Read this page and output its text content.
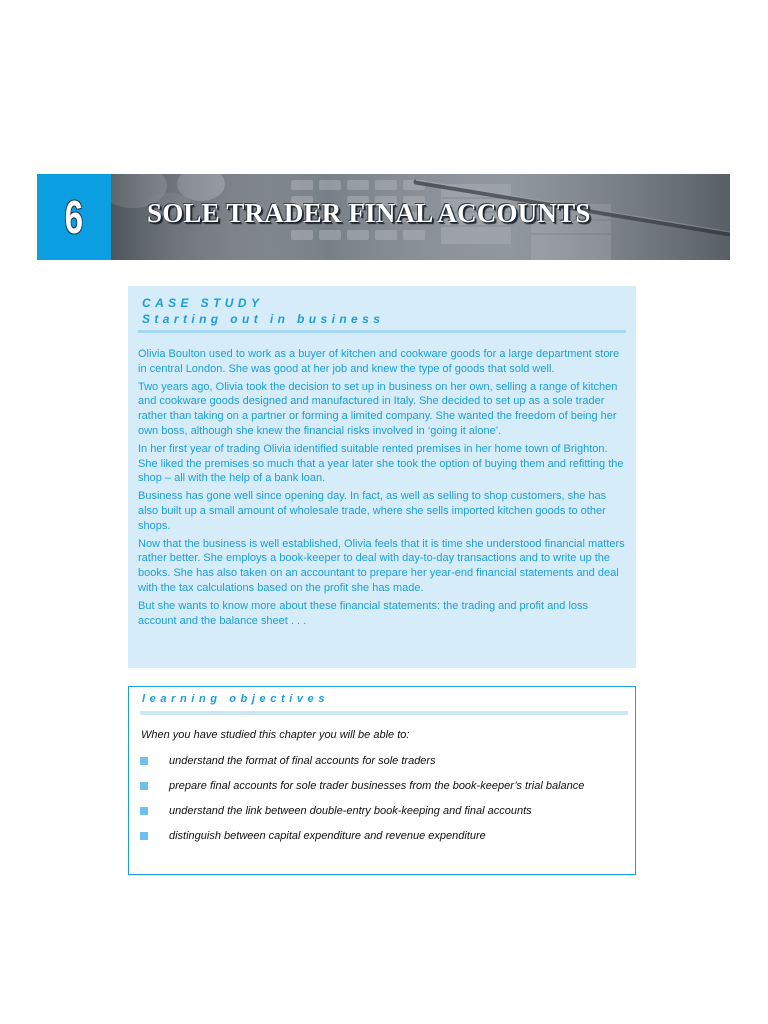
6 SOLE TRADER FINAL ACCOUNTS
CASE STUDY
Starting out in business

Olivia Boulton used to work as a buyer of kitchen and cookware goods for a large department store in central London. She was good at her job and knew the type of goods that sold well.

Two years ago, Olivia took the decision to set up in business on her own, selling a range of kitchen and cookware goods designed and manufactured in Italy. She decided to set up as a sole trader rather than taking on a partner or forming a limited company. She wanted the freedom of being her own boss, although she knew the financial risks involved in ‘going it alone’.

In her first year of trading Olivia identified suitable rented premises in her home town of Brighton. She liked the premises so much that a year later she took the option of buying them and refitting the shop – all with the help of a bank loan.

Business has gone well since opening day. In fact, as well as selling to shop customers, she has also built up a small amount of wholesale trade, where she sells imported kitchen goods to other shops.

Now that the business is well established, Olivia feels that it is time she understood financial matters rather better. She employs a book-keeper to deal with day-to-day transactions and to write up the books. She has also taken on an accountant to prepare her year-end financial statements and deal with the tax calculations based on the profit she has made.

But she wants to know more about these financial statements: the trading and profit and loss account and the balance sheet . . .

learning objectives

When you have studied this chapter you will be able to:

understand the format of final accounts for sole traders
prepare final accounts for sole trader businesses from the book-keeper’s trial balance
understand the link between double-entry book-keeping and final accounts
distinguish between capital expenditure and revenue expenditure
